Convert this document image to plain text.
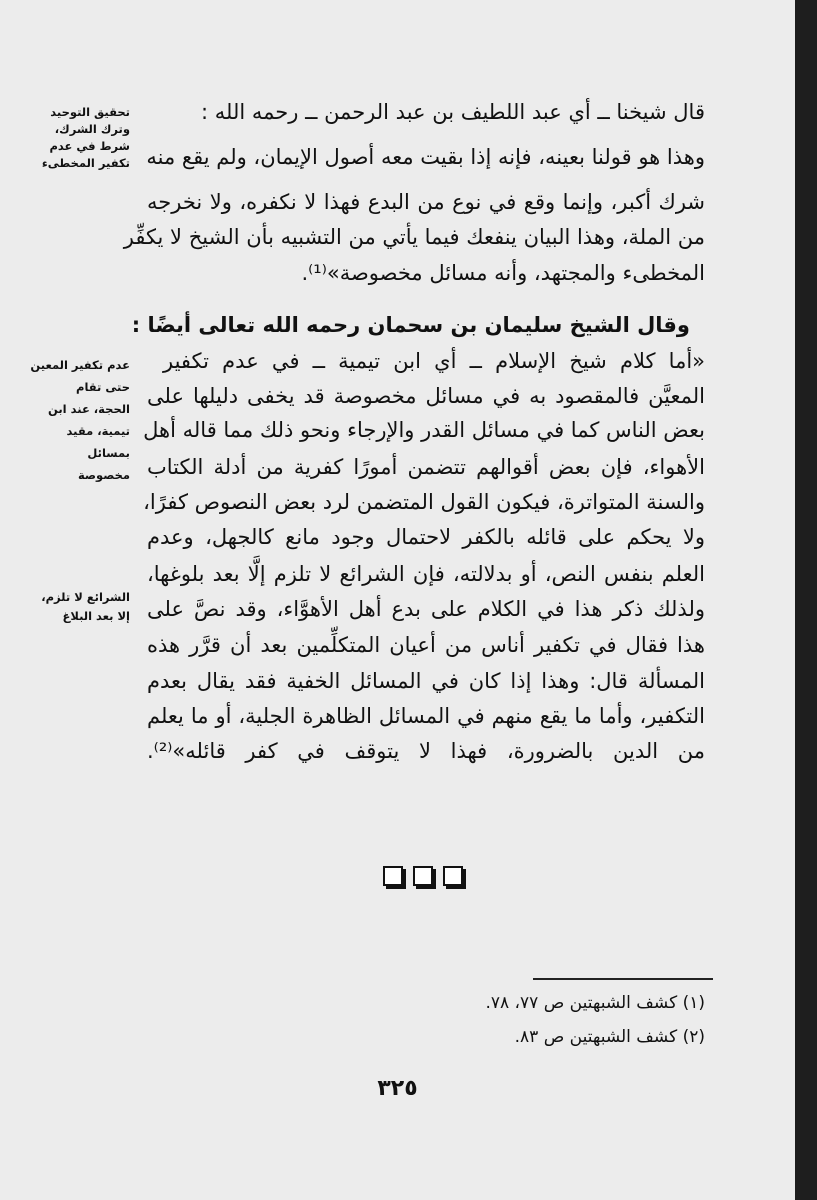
قال شيخنا ــ أي عبد اللطيف بن عبد الرحمن ــ رحمه الله :

وهذا هو قولنا بعينه، فإنه إذا بقيت معه أصول الإيمان، ولم يقع منه

شرك أكبر، وإنما وقع في نوع من البدع فهذا لا نكفره، ولا نخرجه

من الملة، وهذا البيان ينفعك فيما يأتي من التشبيه بأن الشيخ لا يكفِّر

المخطىء والمجتهد، وأنه مسائل مخصوصة»⁽¹⁾.

وقال الشيخ سليمان بن سحمان رحمه الله تعالى أيضًا :

«أما كلام شيخ الإسلام ــ أي ابن تيمية ــ في عدم تكفير

المعيَّن فالمقصود به في مسائل مخصوصة قد يخفى دليلها على

بعض الناس كما في مسائل القدر والإرجاء ونحو ذلك مما قاله أهل

الأهواء، فإن بعض أقوالهم تتضمن أمورًا كفرية من أدلة الكتاب

والسنة المتواترة، فيكون القول المتضمن لرد بعض النصوص كفرًا،

ولا يحكم على قائله بالكفر لاحتمال وجود مانع كالجهل، وعدم

العلم بنفس النص، أو بدلالته، فإن الشرائع لا تلزم إلَّا بعد بلوغها،

ولذلك ذكر هذا في الكلام على بدع أهل الأهوَّاء، وقد نصَّ على

هذا فقال في تكفير أناس من أعيان المتكلِّمين بعد أن قرَّر هذه

المسألة قال: وهذا إذا كان في المسائل الخفية فقد يقال بعدم

التكفير، وأما ما يقع منهم في المسائل الظاهرة الجلية، أو ما يعلم

من الدين بالضرورة، فهذا لا يتوقف في كفر قائله»⁽²⁾.

تحقيق التوحيد

وترك الشرك،

شرط في عدم

تكفير المخطىء

عدم تكفير المعين

حتى تقام

الحجة، عند ابن

تيمية، مقيد

بمسائل

مخصوصة

الشرائع لا تلزم،

إلا بعد البلاغ

(١) كشف الشبهتين ص ٧٧، ٧٨.

(٢) كشف الشبهتين ص ٨٣.

٣٢٥
